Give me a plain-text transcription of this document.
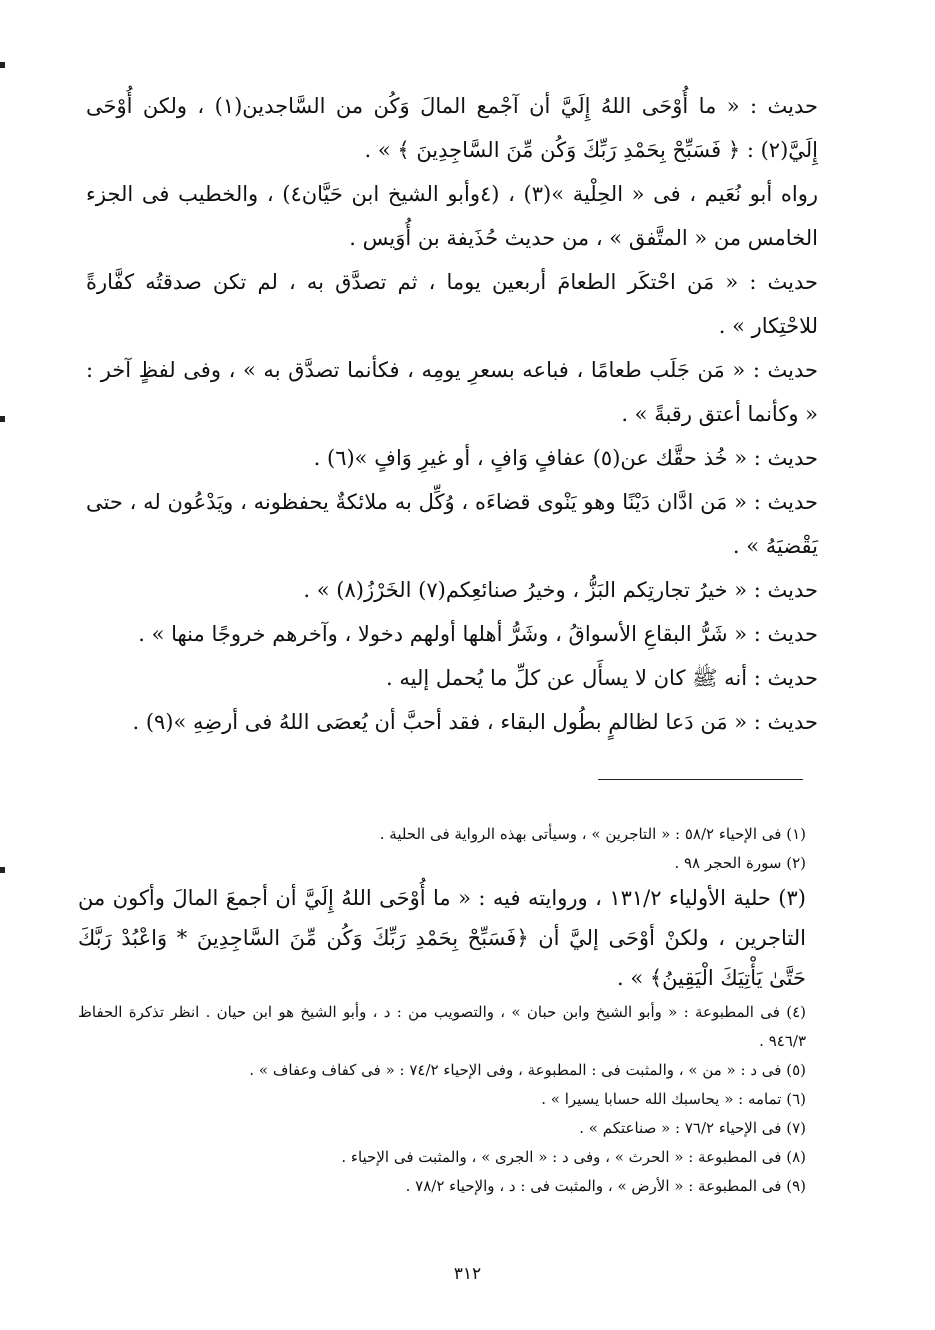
حديث : « ما أُوْحَى اللهُ إِلَيَّ أن آجْمع المالَ وَكُن من السَّاجدين(١) ، ولكن أُوْحَى إِلَيَّ(٢) : ﴿ فَسَبِّحْ بِحَمْدِ رَبِّكَ وَكُن مِّنَ السَّاجِدِينَ ﴾ » .

رواه أبو نُعَيم ، فى « الحِلْية »(٣) ، (٤وأبو الشيخ ابن حَيَّان٤) ، والخطيب فى الجزء الخامس من « المتَّفق » ، من حديث حُذَيفة بن أُوَيس .

حديث : « مَن احْتكَر الطعامَ أربعين يوما ، ثم تصدَّق به ، لم تكن صدقتُه كفَّارةً للاحْتِكار » .

حديث : « مَن جَلَب طعامًا ، فباعه بسعرِ يومِه ، فكأنما تصدَّق به » ، وفى لفظٍ آخر : « وكأنما أعتق رقبةً » .

حديث : « خُذ حقَّك عن(٥) عفافٍ وَافٍ ، أو غيرِ وَافٍ »(٦) .

حديث : « مَن ادَّان دَيْنًا وهو يَنْوى قضاءَه ، وُكِّل به ملائكةٌ يحفظونه ، ويَدْعُون له ، حتى يَقْضيَهُ » .

حديث : « خيرُ تجارتِكم البَزُّ ، وخيرُ صنائعِكم(٧) الخَرْزُ(٨) » .

حديث : « شَرُّ البقاعِ الأسواقُ ، وشَرُّ أهلها أولهم دخولا ، وآخرهم خروجًا منها » .

حديث : أنه ﷺ كان لا يسأَل عن كلِّ ما يُحمل إليه .

حديث : « مَن دَعا لظالمٍ بطُول البقاء ، فقد أحبَّ أن يُعصَى اللهُ فى أرضِهِ »(٩) .

(١) فى الإحياء ٥٨/٢ : « التاجرين » ، وسيأتى بهذه الرواية فى الحلية .

(٢) سورة الحجر ٩٨ .

(٣) حلية الأولياء ١٣١/٢ ، وروايته فيه : « ما أُوْحَى اللهُ إِلَيَّ أن أجمعَ المالَ وأكون من التاجرين ، ولكنْ أوْحَى إليَّ أن ﴿فَسَبِّحْ بِحَمْدِ رَبِّكَ وَكُن مِّنَ السَّاجِدِينَ * وَاعْبُدْ رَبَّكَ حَتَّىٰ يَأْتِيَكَ الْيَقِينُ﴾ » .

(٤) فى المطبوعة : « وأبو الشيخ وابن حبان » ، والتصويب من : د ، وأبو الشيخ هو ابن حيان . انظر تذكرة الحفاظ ٩٤٦/٣ .

(٥) فى د : « من » ، والمثبت فى : المطبوعة ، وفى الإحياء ٧٤/٢ : « فى كفاف وعفاف » .

(٦) تمامه : « يحاسبك الله حسابا يسيرا » .

(٧) فى الإحياء ٧٦/٢ : « صناعتكم » .

(٨) فى المطبوعة : « الحرث » ، وفى د : « الجرى » ، والمثبت فى الإحياء .

(٩) فى المطبوعة : « الأرض » ، والمثبت فى : د ، والإحياء ٧٨/٢ .

٣١٢
